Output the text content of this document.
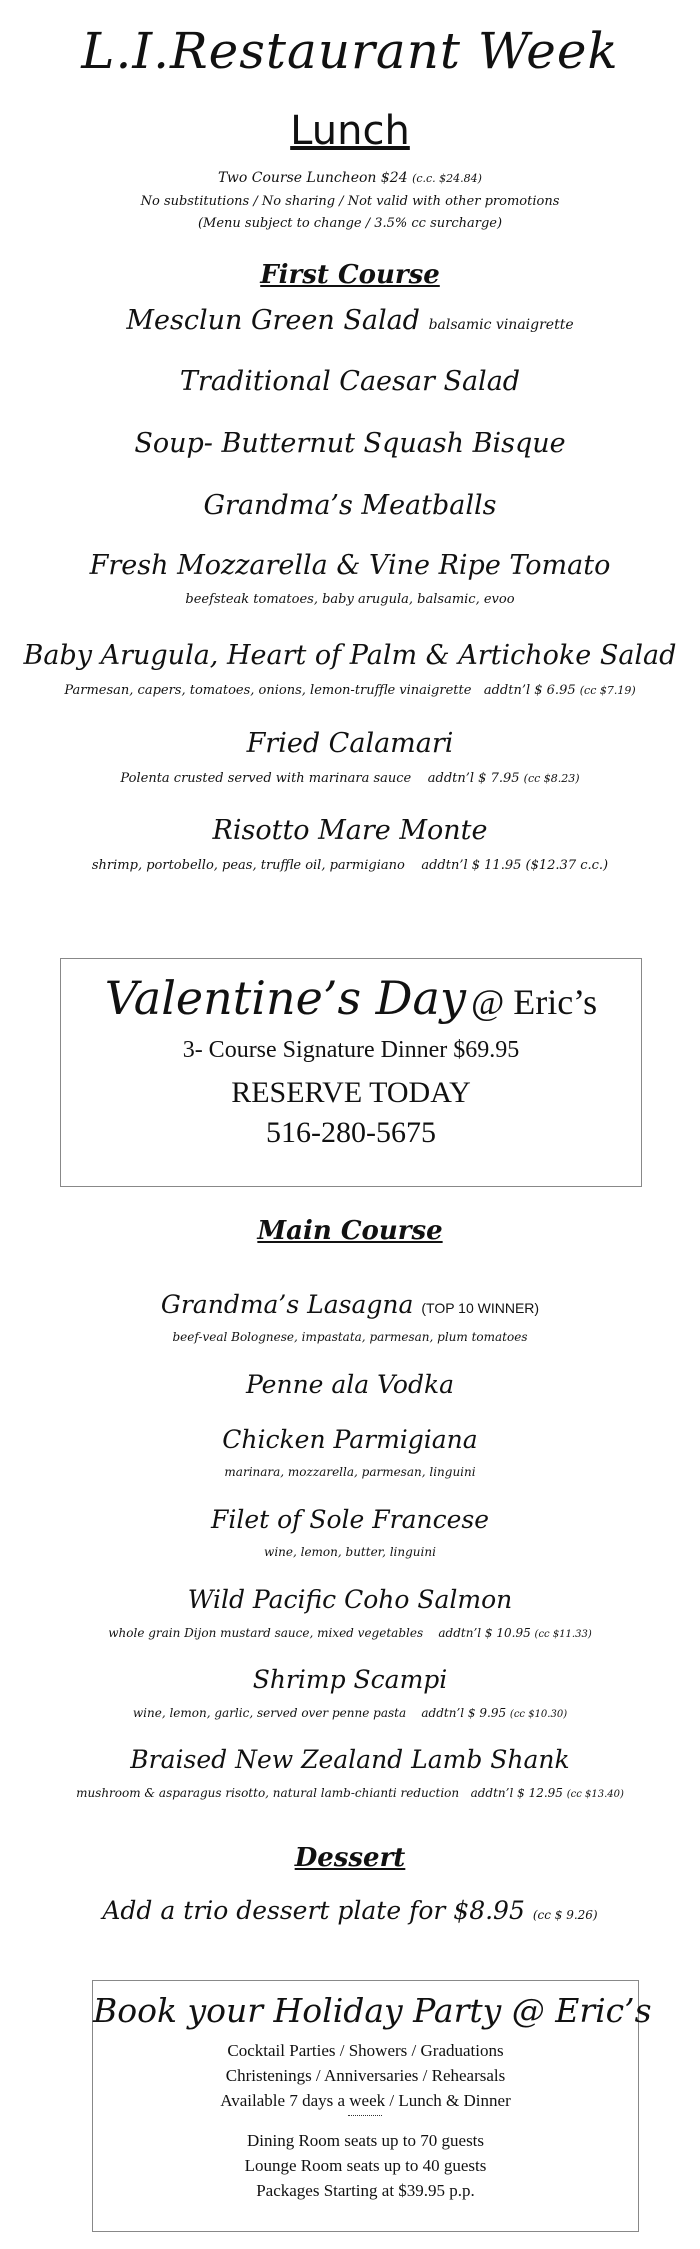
L.I.Restaurant Week
Lunch
Two Course Luncheon $24 (c.c. $24.84)
No substitutions / No sharing / Not valid with other promotions
(Menu subject to change / 3.5% cc surcharge)
First Course
Mesclun Green Salad balsamic vinaigrette
Traditional Caesar Salad
Soup- Butternut Squash Bisque
Grandma’s Meatballs
Fresh Mozzarella & Vine Ripe Tomato
beefsteak tomatoes, baby arugula, balsamic, evoo
Baby Arugula, Heart of Palm & Artichoke Salad
Parmesan, capers, tomatoes, onions, lemon-truffle vinaigrette addtn’l $ 6.95 (cc $7.19)
Fried Calamari
Polenta crusted served with marinara sauce addtn’l $ 7.95 (cc $8.23)
Risotto Mare Monte
shrimp, portobello, peas, truffle oil, parmigiano addtn’l $ 11.95 ($12.37 c.c.)
Valentine’s Day @ Eric’s
3- Course Signature Dinner $69.95
RESERVE TODAY
516-280-5675
Main Course
Grandma’s Lasagna (TOP 10 WINNER)
beef-veal Bolognese, impastata, parmesan, plum tomatoes
Penne ala Vodka
Chicken Parmigiana
marinara, mozzarella, parmesan, linguini
Filet of Sole Francese
wine, lemon, butter, linguini
Wild Pacific Coho Salmon
whole grain Dijon mustard sauce, mixed vegetables addtn’l $ 10.95 (cc $11.33)
Shrimp Scampi
wine, lemon, garlic, served over penne pasta addtn’l $ 9.95 (cc $10.30)
Braised New Zealand Lamb Shank
mushroom & asparagus risotto, natural lamb-chianti reduction addtn’l $ 12.95 (cc $13.40)
Dessert
Add a trio dessert plate for $8.95 (cc $ 9.26)
Book your Holiday Party @ Eric’s
Cocktail Parties / Showers / Graduations
Christenings / Anniversaries / Rehearsals
Available 7 days a week / Lunch & Dinner
Dining Room seats up to 70 guests
Lounge Room seats up to 40 guests
Packages Starting at $39.95 p.p.
